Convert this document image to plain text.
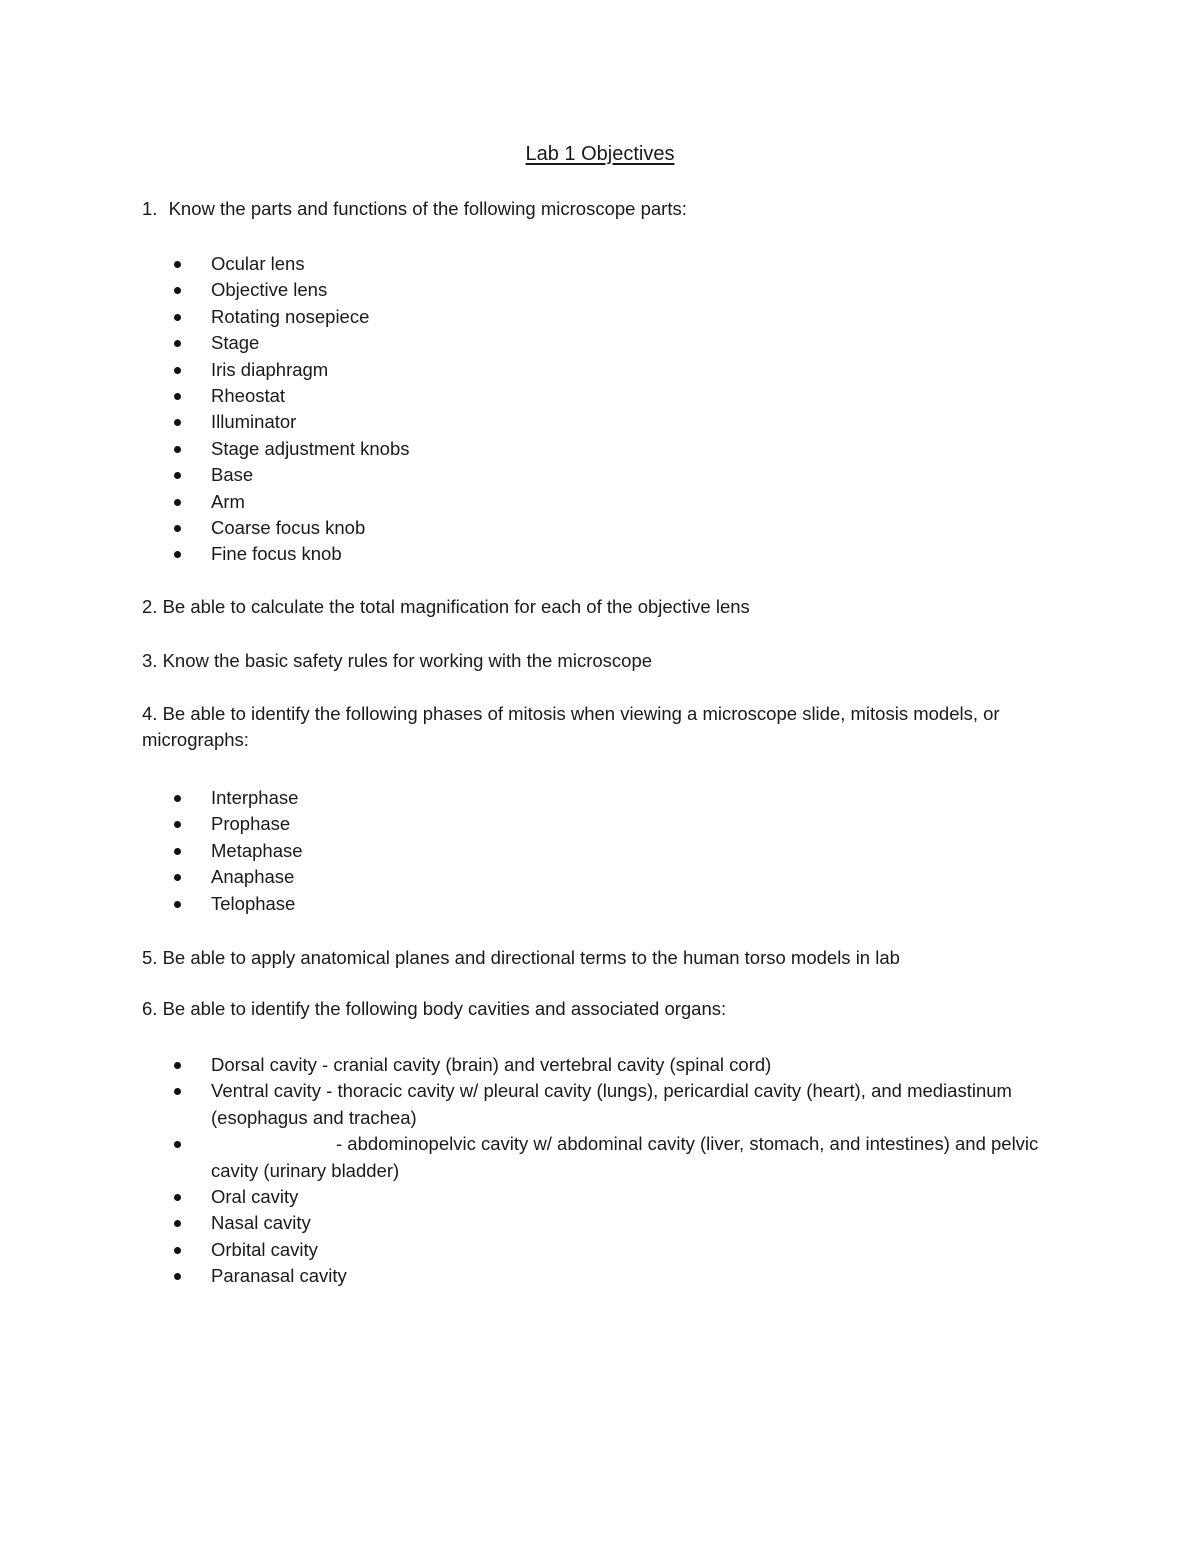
Lab 1 Objectives

1. Know the parts and functions of the following microscope parts:

Ocular lens
Objective lens
Rotating nosepiece
Stage
Iris diaphragm
Rheostat
Illuminator
Stage adjustment knobs
Base
Arm
Coarse focus knob
Fine focus knob

2. Be able to calculate the total magnification for each of the objective lens

3. Know the basic safety rules for working with the microscope

4. Be able to identify the following phases of mitosis when viewing a microscope slide, mitosis models, or micrographs:

Interphase
Prophase
Metaphase
Anaphase
Telophase

5. Be able to apply anatomical planes and directional terms to the human torso models in lab

6. Be able to identify the following body cavities and associated organs:

Dorsal cavity - cranial cavity (brain) and vertebral cavity (spinal cord)
Ventral cavity - thoracic cavity w/ pleural cavity (lungs), pericardial cavity (heart), and mediastinum (esophagus and trachea)
- abdominopelvic cavity w/ abdominal cavity (liver, stomach, and intestines) and pelvic cavity (urinary bladder)
Oral cavity
Nasal cavity
Orbital cavity
Paranasal cavity
